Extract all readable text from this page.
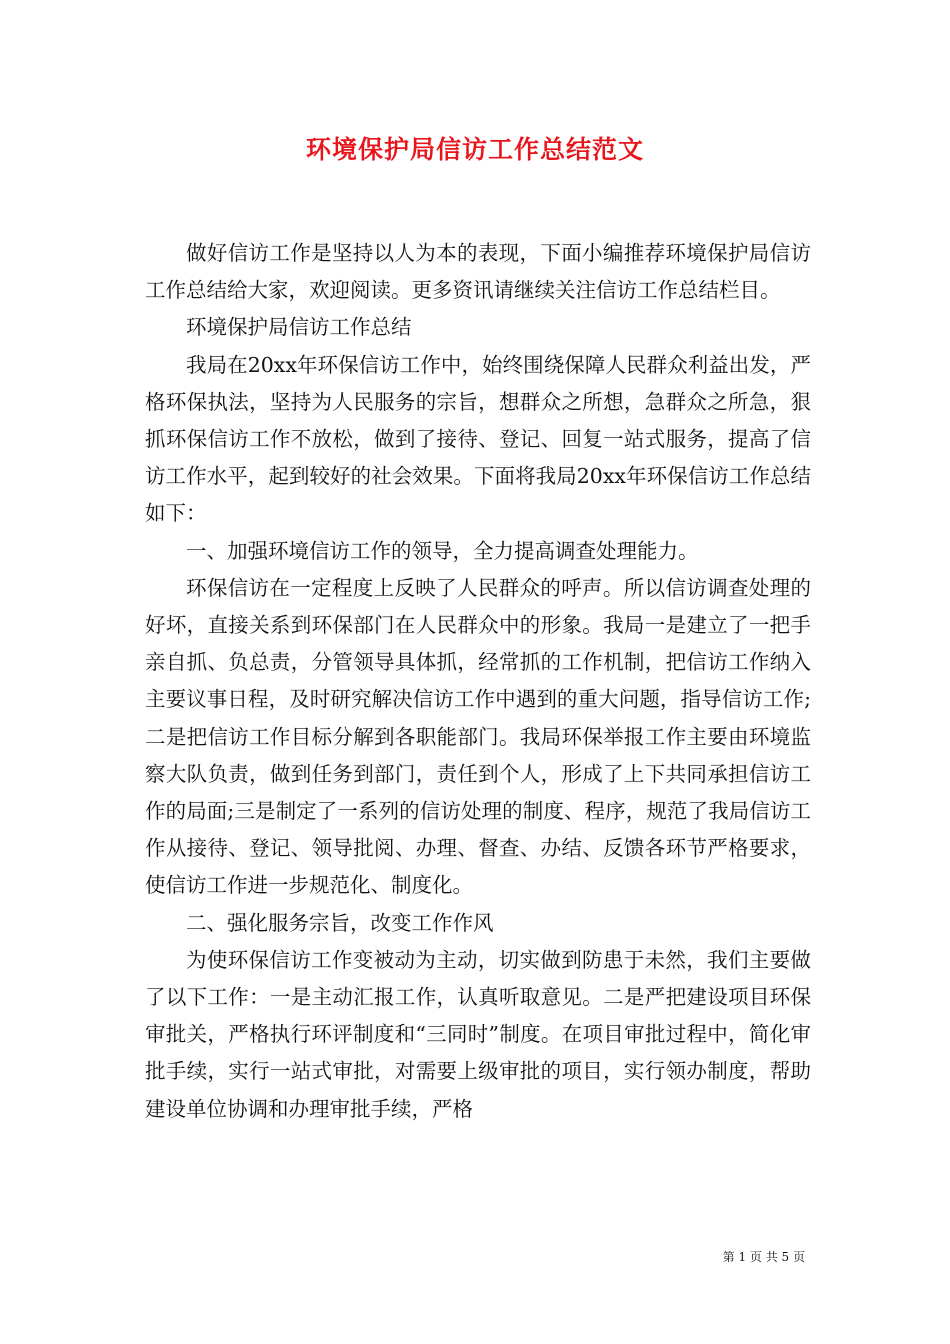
环境保护局信访工作总结范文

做好信访工作是坚持以人为本的表现，下面小编推荐环境保护局信访工作总结给大家，欢迎阅读。更多资讯请继续关注信访工作总结栏目。

环境保护局信访工作总结

我局在20xx年环保信访工作中，始终围绕保障人民群众利益出发，严格环保执法，坚持为人民服务的宗旨，想群众之所想，急群众之所急，狠抓环保信访工作不放松，做到了接待、登记、回复一站式服务，提高了信访工作水平，起到较好的社会效果。下面将我局20xx年环保信访工作总结如下：

一、加强环境信访工作的领导，全力提高调查处理能力。

环保信访在一定程度上反映了人民群众的呼声。所以信访调查处理的好坏，直接关系到环保部门在人民群众中的形象。我局一是建立了一把手亲自抓、负总责，分管领导具体抓，经常抓的工作机制，把信访工作纳入主要议事日程，及时研究解决信访工作中遇到的重大问题，指导信访工作;二是把信访工作目标分解到各职能部门。我局环保举报工作主要由环境监察大队负责，做到任务到部门，责任到个人，形成了上下共同承担信访工作的局面;三是制定了一系列的信访处理的制度、程序，规范了我局信访工作从接待、登记、领导批阅、办理、督查、办结、反馈各环节严格要求，使信访工作进一步规范化、制度化。

二、强化服务宗旨，改变工作作风

为使环保信访工作变被动为主动，切实做到防患于未然，我们主要做了以下工作：一是主动汇报工作，认真听取意见。二是严把建设项目环保审批关，严格执行环评制度和“三同时”制度。在项目审批过程中，简化审批手续，实行一站式审批，对需要上级审批的项目，实行领办制度，帮助建设单位协调和办理审批手续，严格

第 1 页 共 5 页
